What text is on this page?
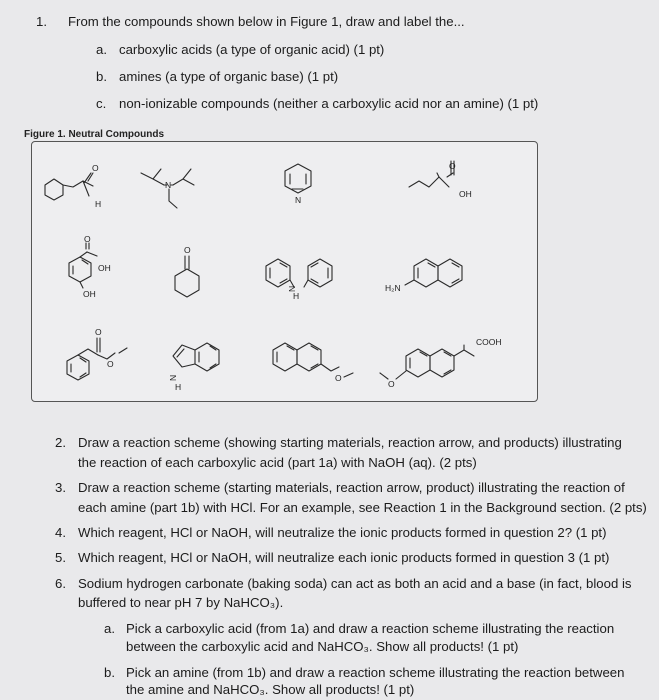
1. From the compounds shown below in Figure 1, draw and label the...
a. carboxylic acids (a type of organic acid) (1 pt)
b. amines (a type of organic base) (1 pt)
c. non-ionizable compounds (neither a carboxylic acid nor an amine) (1 pt)
Figure 1. Neutral Compounds
O
H
N
N
O
OH
O
OH
OH
O
N
H
H₂N
O
O
N
H
O
O
COOH
2. Draw a reaction scheme (showing starting materials, reaction arrow, and products) illustrating
the reaction of each carboxylic acid (part 1a) with NaOH (aq). (2 pts)
3. Draw a reaction scheme (starting materials, reaction arrow, product) illustrating the reaction of
each amine (part 1b) with HCl. For an example, see Reaction 1 in the Background section. (2 pts)
4. Which reagent, HCl or NaOH, will neutralize the ionic products formed in question 2? (1 pt)
5. Which reagent, HCl or NaOH, will neutralize each ionic products formed in question 3 (1 pt)
6. Sodium hydrogen carbonate (baking soda) can act as both an acid and a base (in fact, blood is
buffered to near pH 7 by NaHCO₃).
a. Pick a carboxylic acid (from 1a) and draw a reaction scheme illustrating the reaction
between the carboxylic acid and NaHCO₃. Show all products! (1 pt)
b. Pick an amine (from 1b) and draw a reaction scheme illustrating the reaction between
the amine and NaHCO₃. Show all products! (1 pt)
